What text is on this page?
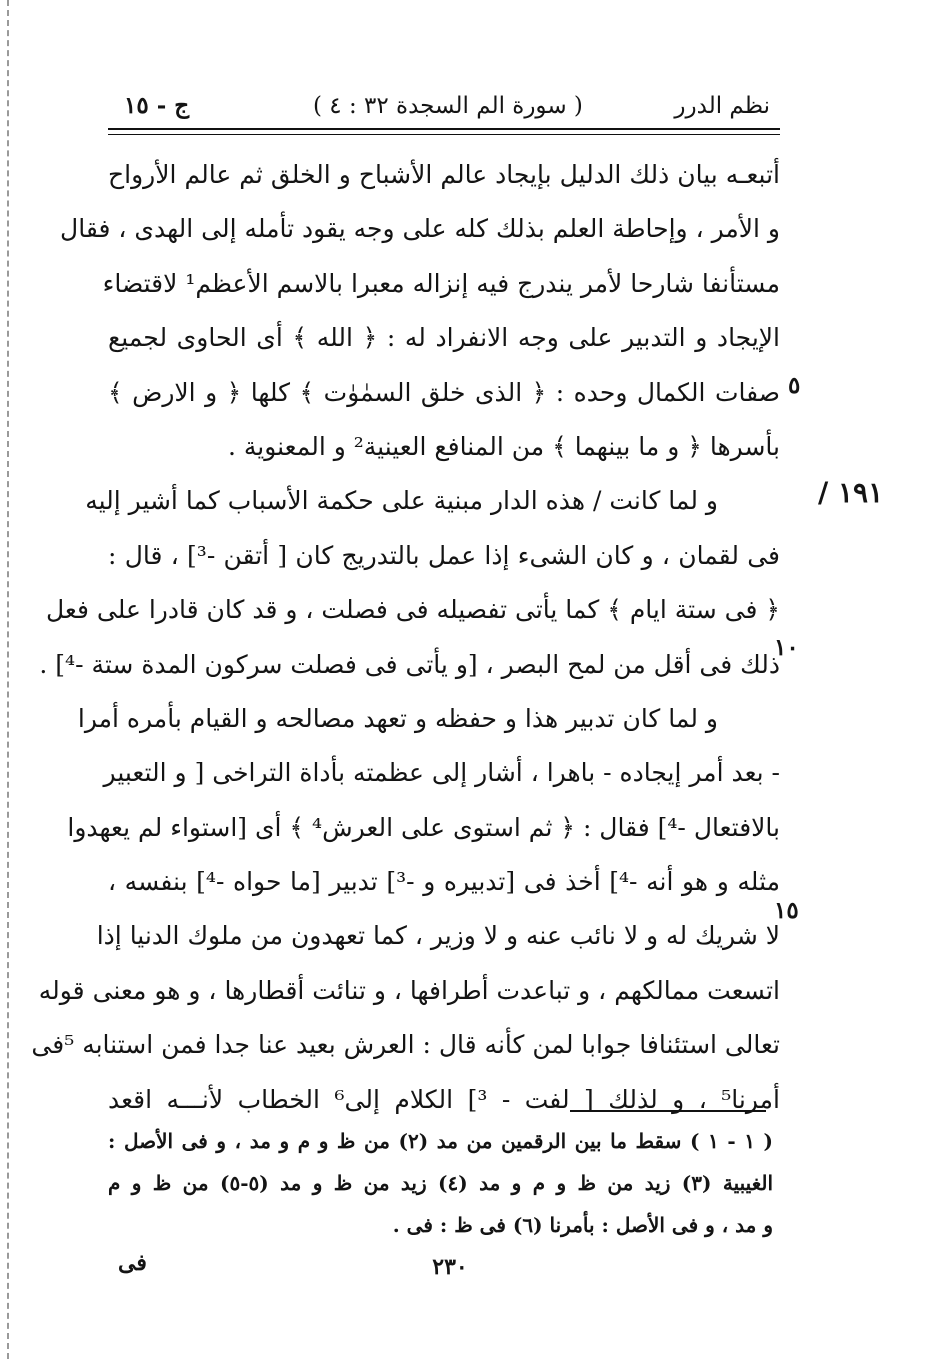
نظم الدرر
( سورة الم السجدة ٣٢ : ٤ )
ج - ١٥
١٩١ /
٥
١٠
١٥
أتبعـه بيان ذلك الدليل بإيجاد عالم الأشباح و الخلق ثم عالم الأرواح
و الأمر ، وإحاطة العلم بذلك كله على وجه يقود تأمله إلى الهدى ، فقال
مستأنفا شارحا لأمر يندرج فيه إنزاله معبرا بالاسم الأعظم¹ لاقتضاء
الإيجاد و التدبير على وجه الانفراد له : ﴿ الله ﴾ أى الحاوى لجميع
صفات الكمال وحده : ﴿ الذى خلق السمٰوٰت ﴾ كلها ﴿ و الارض ﴾
بأسرها ﴿ و ما بينهما ﴾ من المنافع العينية² و المعنوية .
و لما كانت / هذه الدار مبنية على حكمة الأسباب كما أشير إليه
فى لقمان ، و كان الشىء إذا عمل بالتدريج كان [ أتقن -³] ، قال :
﴿ فى ستة ايام ﴾ كما يأتى تفصيله فى فصلت ، و قد كان قادرا على فعل
ذلك فى أقل من لمح البصر ، [و يأتى فى فصلت سركون المدة ستة -⁴] .
و لما كان تدبير هذا و حفظه و تعهد مصالحه و القيام بأمره أمرا
- بعد أمر إيجاده - باهرا ، أشار إلى عظمته بأداة التراخى [ و التعبير
بالافتعال -⁴] فقال : ﴿ ثم استوى على العرش⁴ ﴾ أى [استواء لم يعهدوا
مثله و هو أنه -⁴] أخذ فى [تدبيره و -³] تدبير [ما حواه -⁴] بنفسه ،
لا شريك له و لا نائب عنه و لا وزير ، كما تعهدون من ملوك الدنيا إذا
اتسعت ممالكهم ، و تباعدت أطرافها ، و تنائت أقطارها ، و هو معنى قوله
تعالى استئنافا جوابا لمن كأنه قال : العرش بعيد عنا جدا فمن استنابه ⁵فى
أمرنا⁵ ، و لذلك [ لفت - ³] الكلام إلى⁶ الخطاب لأنـــه اقعد
( ١ - ١ ) سقط ما بين الرقمين من مد (٢) من ظ و م و مد ، و فى الأصل :
الغيبية (٣) زيد من ظ و م و مد (٤) زيد من ظ و مد (٥-٥) من ظ و م
و مد ، و فى الأصل : بأمرنا (٦) فى ظ : فى .
٢٣٠
فى
